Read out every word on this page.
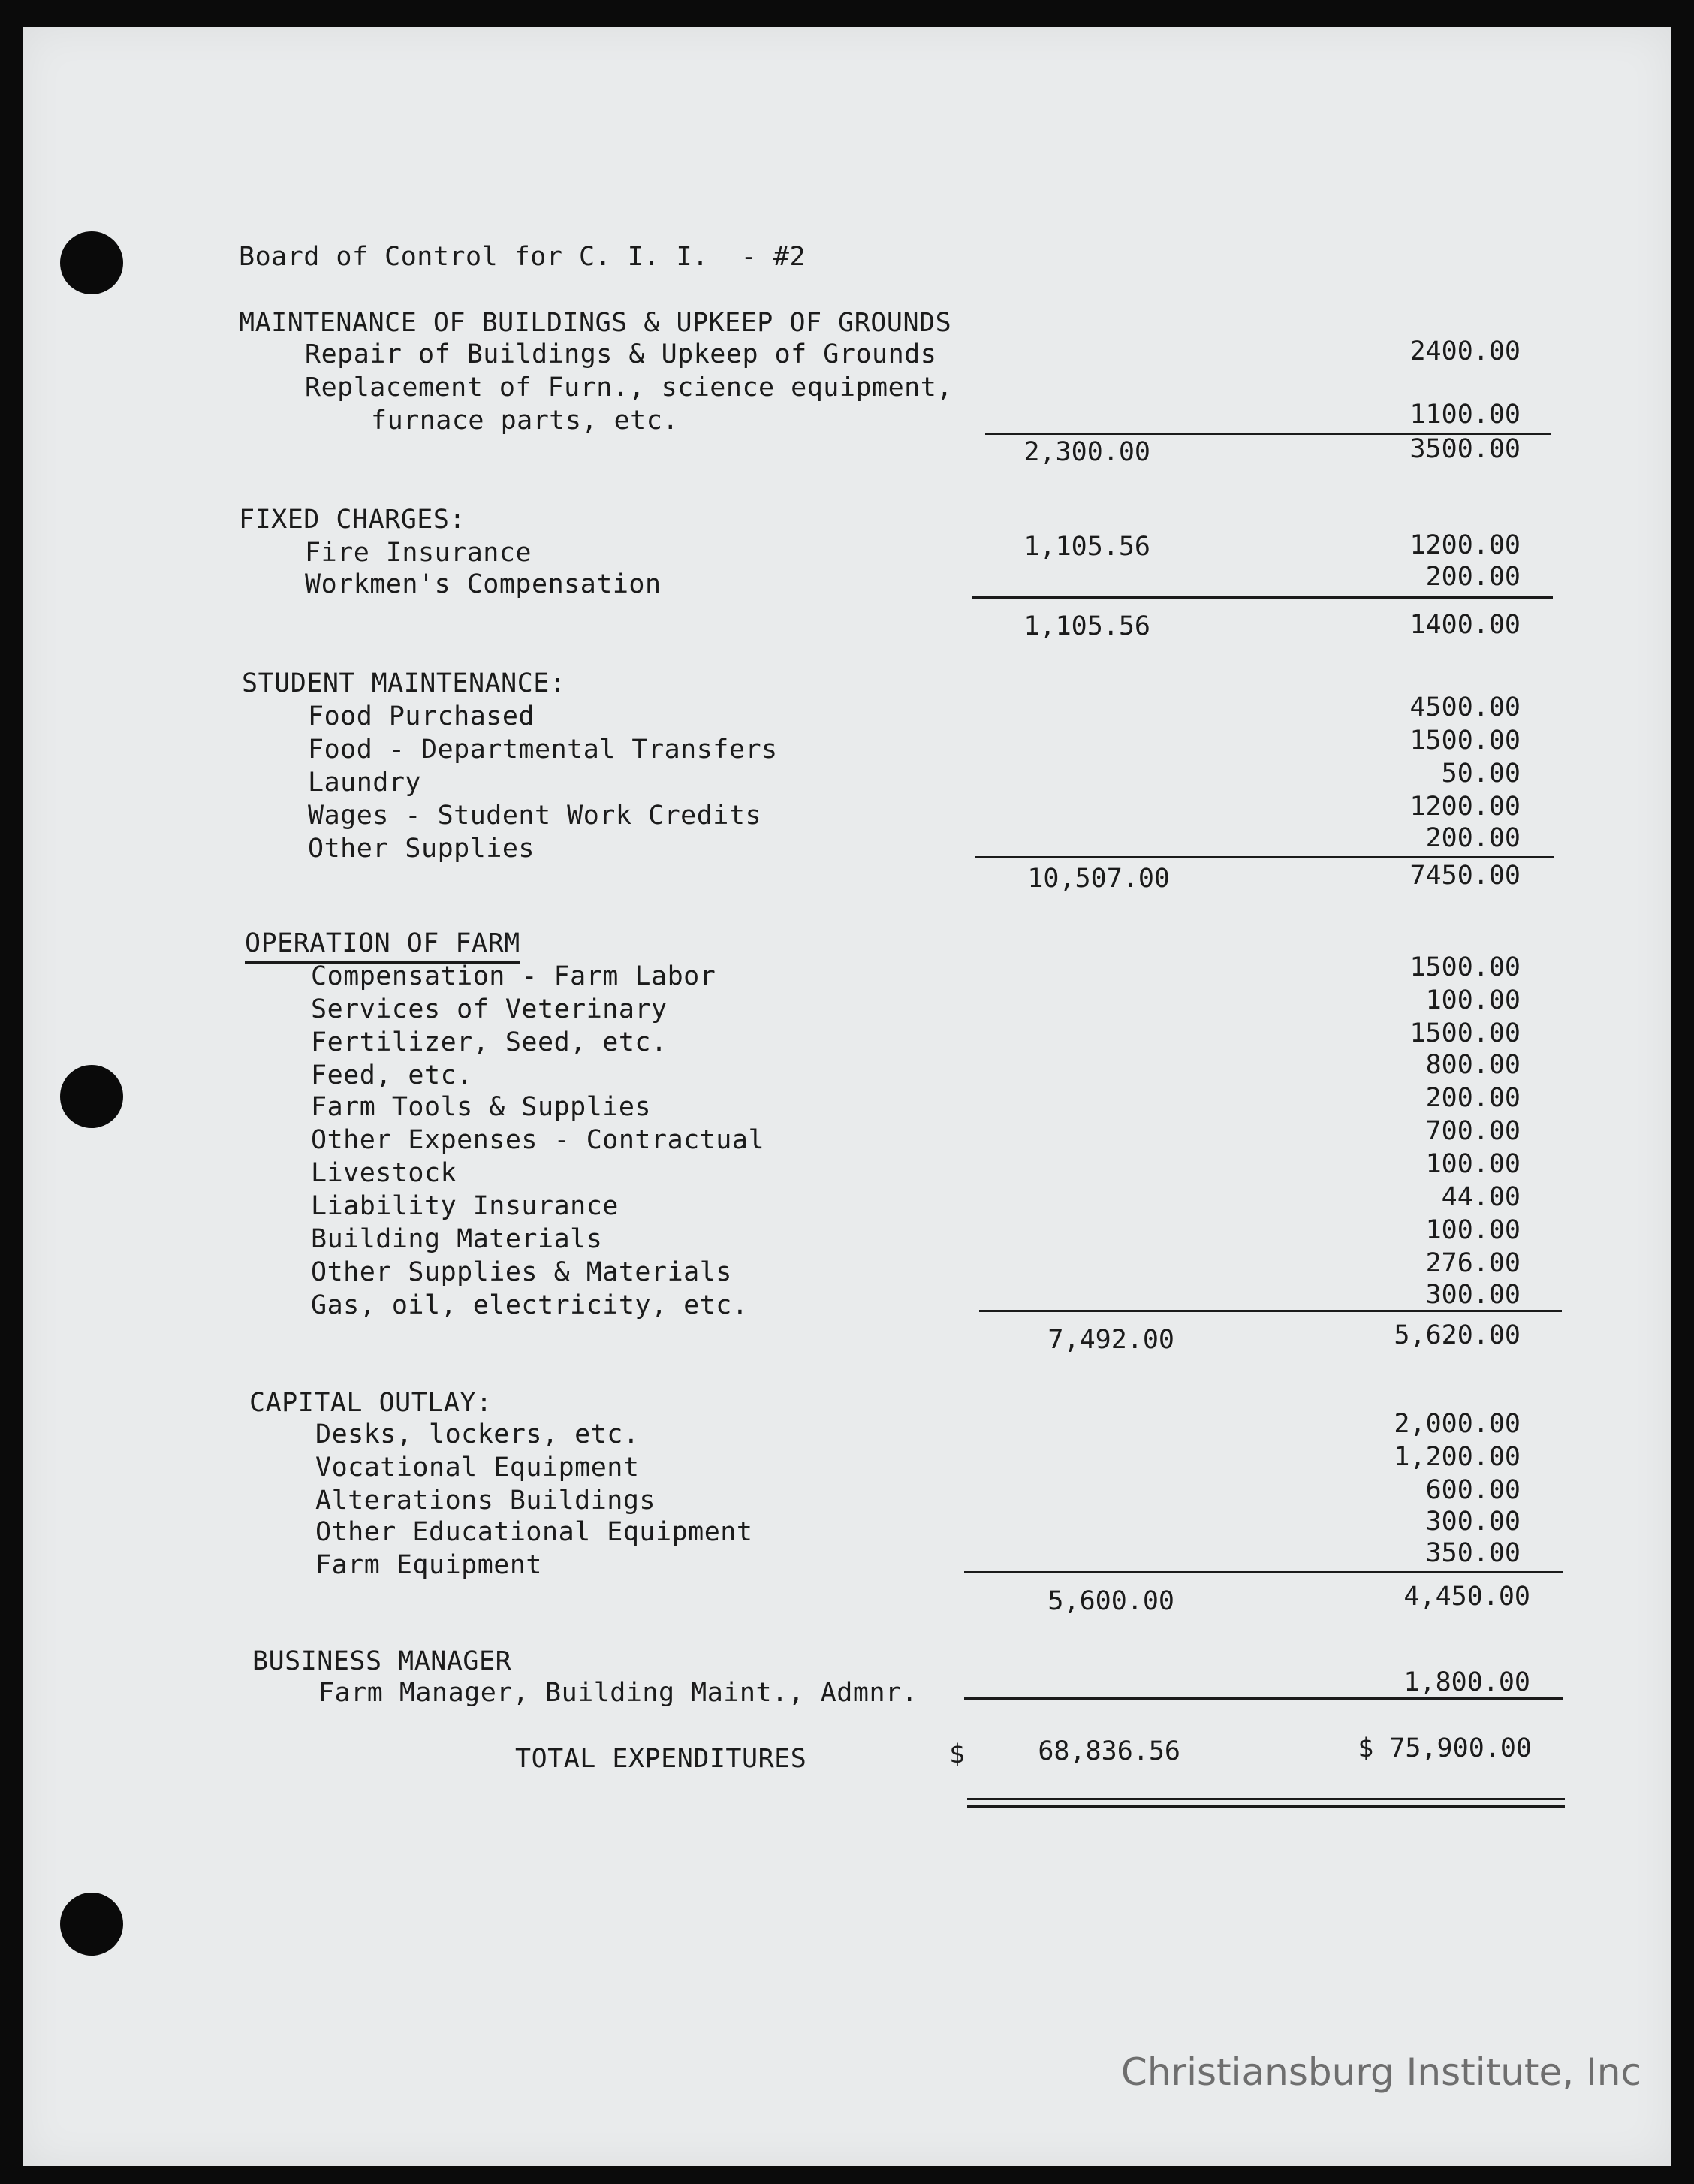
Board of Control for C. I. I.  - #2
MAINTENANCE OF BUILDINGS & UPKEEP OF GROUNDS
Repair of Buildings & Upkeep of Grounds	2400.00
Replacement of Furn., science equipment,
furnace parts, etc.	1100.00
2,300.00	3500.00
FIXED CHARGES:
Fire Insurance	1,105.56	1200.00
Workmen's Compensation	200.00
1,105.56	1400.00
STUDENT MAINTENANCE:
Food Purchased	4500.00
Food - Departmental Transfers	1500.00
Laundry	50.00
Wages - Student Work Credits	1200.00
Other Supplies	200.00
10,507.00	7450.00
OPERATION OF FARM
Compensation - Farm Labor	1500.00
Services of Veterinary	100.00
Fertilizer, Seed, etc.	1500.00
Feed, etc.	800.00
Farm Tools & Supplies	200.00
Other Expenses - Contractual	700.00
Livestock	100.00
Liability Insurance	44.00
Building Materials	100.00
Other Supplies & Materials	276.00
Gas, oil, electricity, etc.	300.00
7,492.00	5,620.00
CAPITAL OUTLAY:
Desks, lockers, etc.	2,000.00
Vocational Equipment	1,200.00
Alterations Buildings	600.00
Other Educational Equipment	300.00
Farm Equipment	350.00
5,600.00	4,450.00
BUSINESS MANAGER
Farm Manager, Building Maint., Admnr.	1,800.00
TOTAL EXPENDITURES	$	68,836.56	$ 75,900.00
Christiansburg Institute, Inc
